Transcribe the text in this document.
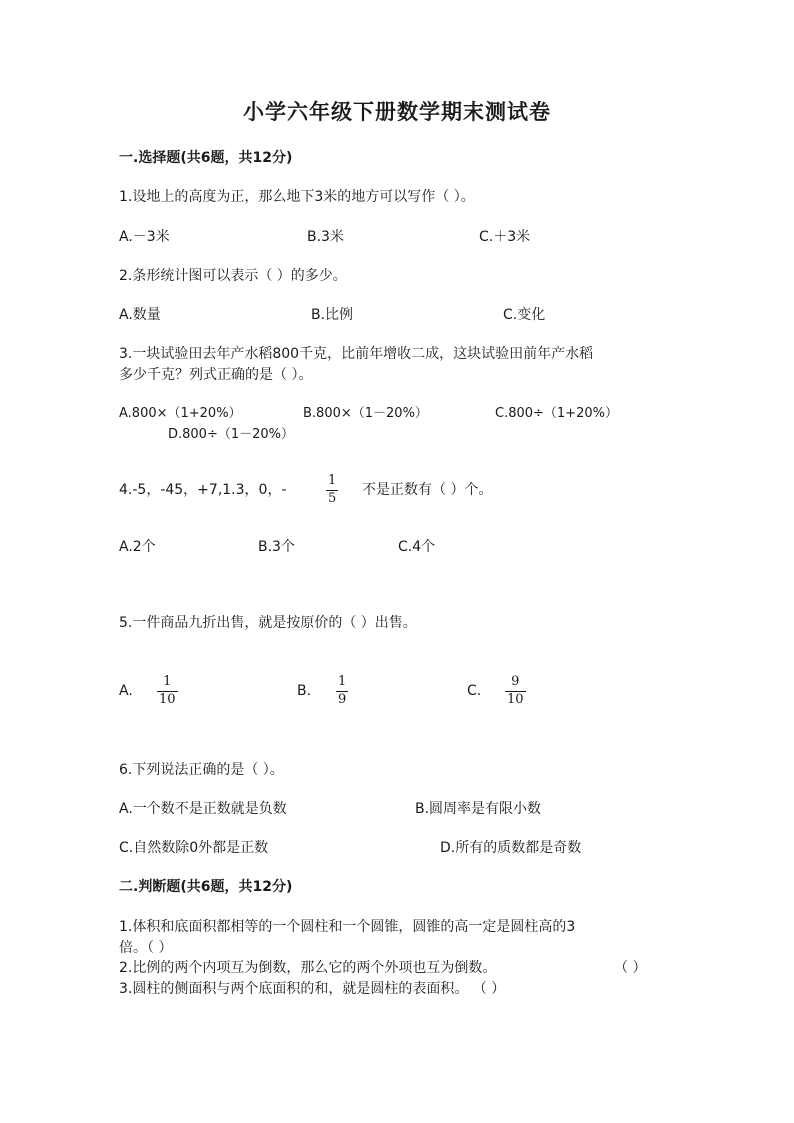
小学六年级下册数学期末测试卷
一.选择题(共6题，共12分)
1.设地上的高度为正，那么地下3米的地方可以写作（ ）。
A.－3米	B.3米	C.＋3米
2.条形统计图可以表示（ ）的多少。
A.数量	B.比例	C.变化
3.一块试验田去年产水稻800千克，比前年增收二成，这块试验田前年产水稻
多少千克？列式正确的是（ ）。
A.800×（1+20%）	B.800×（1－20%）	C.800÷（1+20%）
D.800÷（1－20%）
4.-5，-45，+7,1.3，0，-
1
5
不是正数有（ ）个。
A.2个	B.3个	C.4个
5.一件商品九折出售，就是按原价的（ ）出售。
A.
1
10
B.
1
9
C.
9
10
6.下列说法正确的是（ ）。
A.一个数不是正数就是负数	B.圆周率是有限小数
C.自然数除0外都是正数	D.所有的质数都是奇数
二.判断题(共6题，共12分)
1.体积和底面积都相等的一个圆柱和一个圆锥，圆锥的高一定是圆柱高的3
倍。（ ）
2.比例的两个内项互为倒数，那么它的两个外项也互为倒数。	（ ）
3.圆柱的侧面积与两个底面积的和，就是圆柱的表面积。 （ ）
